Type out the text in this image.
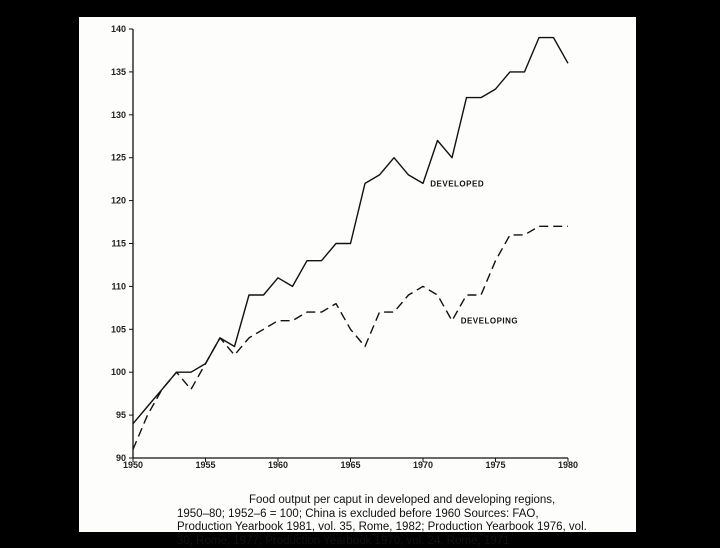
90
95
100
105
110
115
120
125
130
135
140
1950	1955	1960	1965	1970	1975	1980
DEVELOPED
DEVELOPING
Food output per caput in developed and developing regions,
1950–80; 1952–6 = 100; China is excluded before 1960 Sources: FAO,
Production Yearbook 1981, vol. 35, Rome, 1982; Production Yearbook 1976, vol.
30, Rome, 1977; Production Yearbook 1970, vol. 24, Rome, 1971
